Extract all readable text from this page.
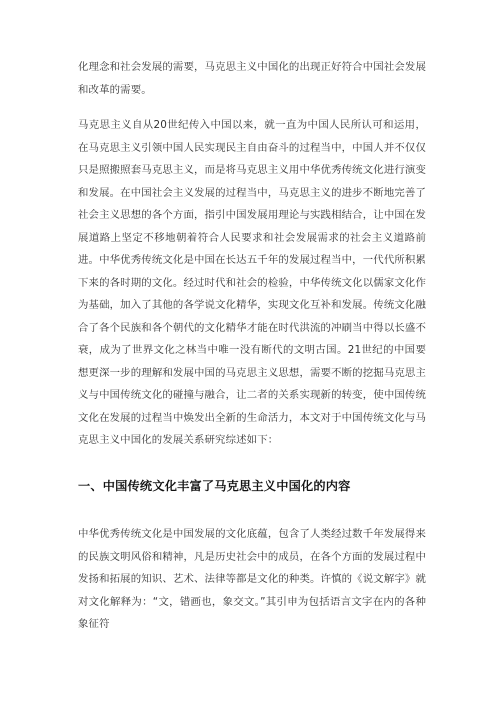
化理念和社会发展的需要，马克思主义中国化的出现正好符合中国社会发展和改革的需要。

马克思主义自从20世纪传入中国以来，就一直为中国人民所认可和运用，在马克思主义引领中国人民实现民主自由奋斗的过程当中，中国人并不仅仅只是照搬照套马克思主义，而是将马克思主义用中华优秀传统文化进行演变和发展。在中国社会主义发展的过程当中，马克思主义的进步不断地完善了社会主义思想的各个方面，指引中国发展用理论与实践相结合，让中国在发展道路上坚定不移地朝着符合人民要求和社会发展需求的社会主义道路前进。中华优秀传统文化是中国在长达五千年的发展过程当中，一代代所积累下来的各时期的文化。经过时代和社会的检验，中华传统文化以儒家文化作为基础，加入了其他的各学说文化精华，实现文化互补和发展。传统文化融合了各个民族和各个朝代的文化精华才能在时代洪流的冲刷当中得以长盛不衰，成为了世界文化之林当中唯一没有断代的文明古国。21世纪的中国要想更深一步的理解和发展中国的马克思主义思想，需要不断的挖掘马克思主义与中国传统文化的碰撞与融合，让二者的关系实现新的转变，使中国传统文化在发展的过程当中焕发出全新的生命活力，本文对于中国传统文化与马克思主义中国化的发展关系研究综述如下：

一、中国传统文化丰富了马克思主义中国化的内容

中华优秀传统文化是中国发展的文化底蕴，包含了人类经过数千年发展得来的民族文明风俗和精神，凡是历史社会中的成员，在各个方面的发展过程中发扬和拓展的知识、艺术、法律等都是文化的种类。许慎的《说文解字》就对文化解释为：“文，错画也，象交文。”其引申为包括语言文字在内的各种象征符
